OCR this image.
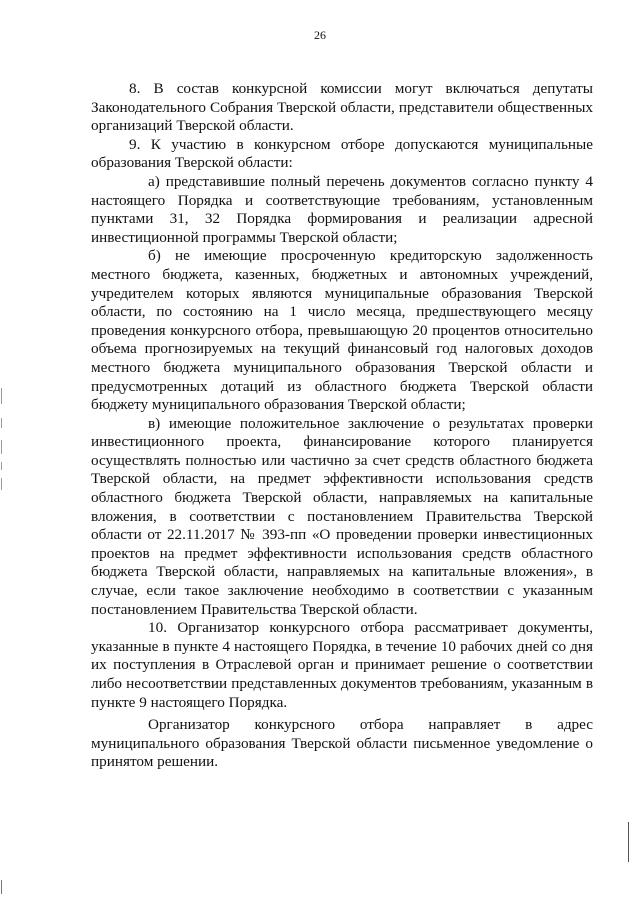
26

8. В состав конкурсной комиссии могут включаться депутаты Законодательного Собрания Тверской области, представители общественных организаций Тверской области.

9. К участию в конкурсном отборе допускаются муниципальные образования Тверской области:

а) представившие полный перечень документов согласно пункту 4 настоящего Порядка и соответствующие требованиям, установленным пунктами 31, 32 Порядка формирования и реализации адресной инвестиционной программы Тверской области;

б) не имеющие просроченную кредиторскую задолженность местного бюджета, казенных, бюджетных и автономных учреждений, учредителем которых являются муниципальные образования Тверской области, по состоянию на 1 число месяца, предшествующего месяцу проведения конкурсного отбора, превышающую 20 процентов относительно объема прогнозируемых на текущий финансовый год налоговых доходов местного бюджета муниципального образования Тверской области и предусмотренных дотаций из областного бюджета Тверской области бюджету муниципального образования Тверской области;

в) имеющие положительное заключение о результатах проверки инвестиционного проекта, финансирование которого планируется осуществлять полностью или частично за счет средств областного бюджета Тверской области, на предмет эффективности использования средств областного бюджета Тверской области, направляемых на капитальные вложения, в соответствии с постановлением Правительства Тверской области от 22.11.2017 № 393-пп «О проведении проверки инвестиционных проектов на предмет эффективности использования средств областного бюджета Тверской области, направляемых на капитальные вложения», в случае, если такое заключение необходимо в соответствии с указанным постановлением Правительства Тверской области.

10. Организатор конкурсного отбора рассматривает документы, указанные в пункте 4 настоящего Порядка, в течение 10 рабочих дней со дня их поступления в Отраслевой орган и принимает решение о соответствии либо несоответствии представленных документов требованиям, указанным в пункте 9 настоящего Порядка.

Организатор конкурсного отбора направляет в адрес муниципального образования Тверской области письменное уведомление о принятом решении.
